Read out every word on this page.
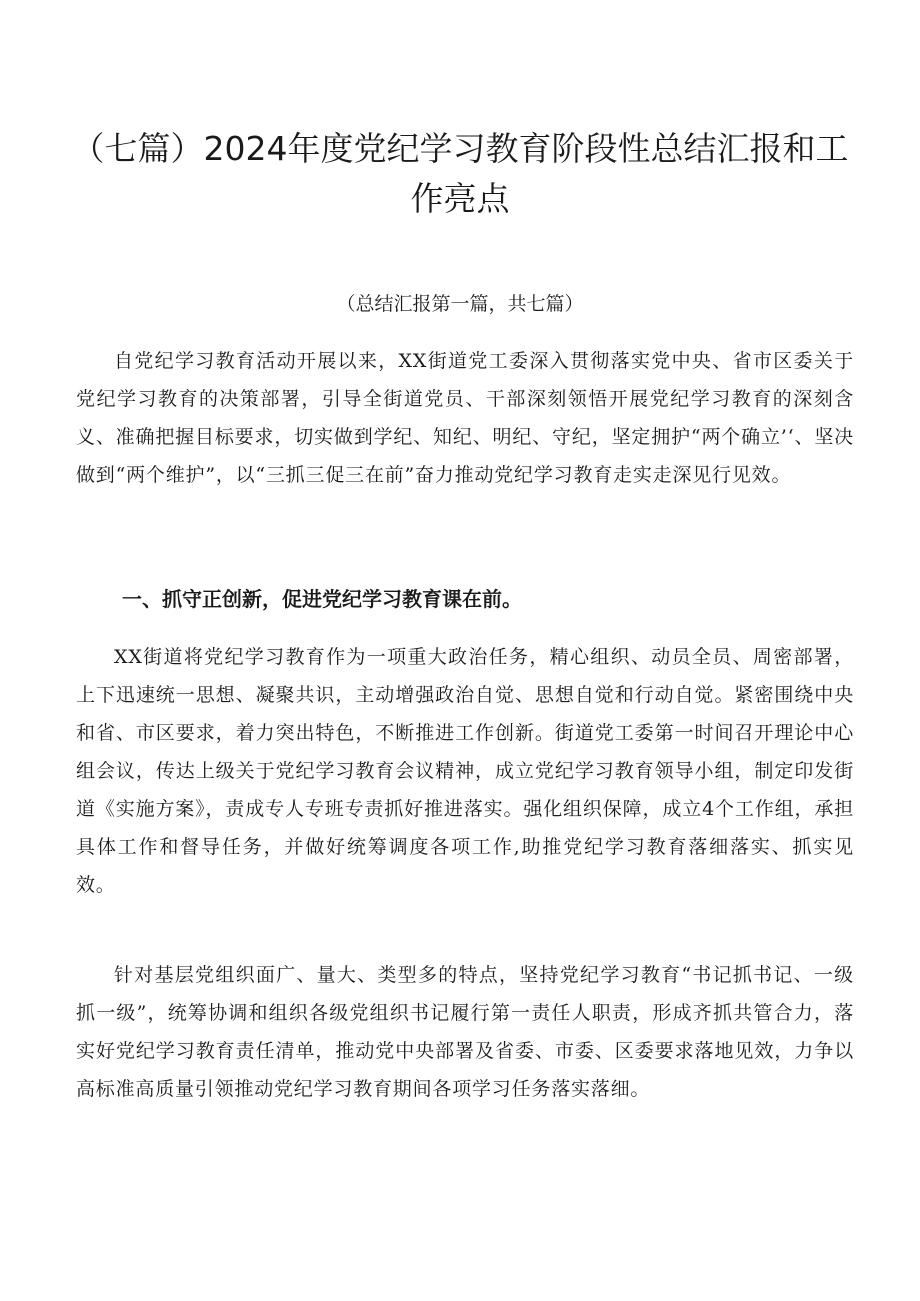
（七篇）2024年度党纪学习教育阶段性总结汇报和工作亮点

（总结汇报第一篇，共七篇）

自党纪学习教育活动开展以来，XX街道党工委深入贯彻落实党中央、省市区委关于党纪学习教育的决策部署，引导全街道党员、干部深刻领悟开展党纪学习教育的深刻含义、准确把握目标要求，切实做到学纪、知纪、明纪、守纪，坚定拥护“两个确立’‘、坚决做到“两个维护”，以“三抓三促三在前”奋力推动党纪学习教育走实走深见行见效。

一、抓守正创新，促进党纪学习教育课在前。

XX街道将党纪学习教育作为一项重大政治任务，精心组织、动员全员、周密部署，上下迅速统一思想、凝聚共识，主动增强政治自觉、思想自觉和行动自觉。紧密围绕中央和省、市区要求，着力突出特色，不断推进工作创新。街道党工委第一时间召开理论中心组会议，传达上级关于党纪学习教育会议精神，成立党纪学习教育领导小组，制定印发街道《实施方案》，责成专人专班专责抓好推进落实。强化组织保障，成立4个工作组，承担具体工作和督导任务，并做好统筹调度各项工作,助推党纪学习教育落细落实、抓实见效。

针对基层党组织面广、量大、类型多的特点，坚持党纪学习教育“书记抓书记、一级抓一级”，统筹协调和组织各级党组织书记履行第一责任人职责，形成齐抓共管合力，落实好党纪学习教育责任清单，推动党中央部署及省委、市委、区委要求落地见效，力争以高标准高质量引领推动党纪学习教育期间各项学习任务落实落细。
